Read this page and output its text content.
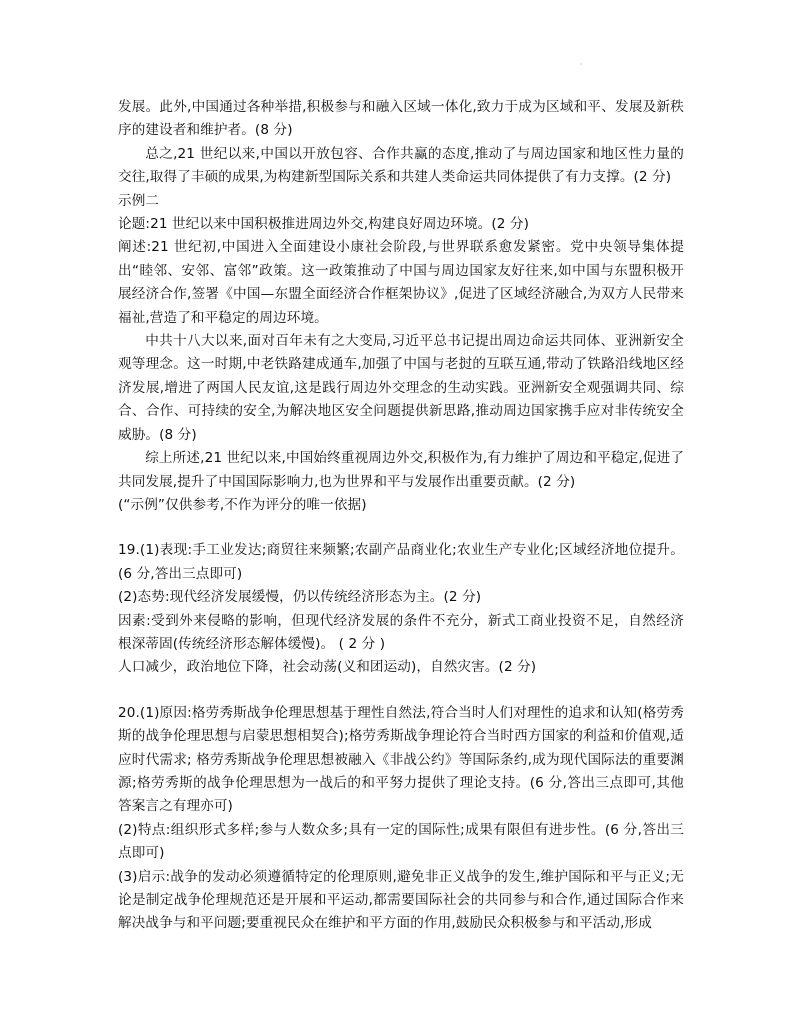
·

发展。此外,中国通过各种举措,积极参与和融入区域一体化,致力于成为区域和平、发展及新秩序的建设者和维护者。(8 分)

总之,21 世纪以来,中国以开放包容、合作共赢的态度,推动了与周边国家和地区性力量的交往,取得了丰硕的成果,为构建新型国际关系和共建人类命运共同体提供了有力支撑。(2 分)

示例二

论题:21 世纪以来中国积极推进周边外交,构建良好周边环境。(2 分)

阐述:21 世纪初,中国进入全面建设小康社会阶段,与世界联系愈发紧密。党中央领导集体提出“睦邻、安邻、富邻”政策。这一政策推动了中国与周边国家友好往来,如中国与东盟积极开展经济合作,签署《中国—东盟全面经济合作框架协议》,促进了区域经济融合,为双方人民带来福祉,营造了和平稳定的周边环境。

中共十八大以来,面对百年未有之大变局,习近平总书记提出周边命运共同体、亚洲新安全观等理念。这一时期,中老铁路建成通车,加强了中国与老挝的互联互通,带动了铁路沿线地区经济发展,增进了两国人民友谊,这是践行周边外交理念的生动实践。亚洲新安全观强调共同、综合、合作、可持续的安全,为解决地区安全问题提供新思路,推动周边国家携手应对非传统安全威胁。(8 分)

综上所述,21 世纪以来,中国始终重视周边外交,积极作为,有力维护了周边和平稳定,促进了共同发展,提升了中国国际影响力,也为世界和平与发展作出重要贡献。(2 分)

(“示例”仅供参考,不作为评分的唯一依据)

19.(1)表现:手工业发达;商贸往来频繁;农副产品商业化;农业生产专业化;区域经济地位提升。(6 分,答出三点即可)

(2)态势:现代经济发展缓慢，仍以传统经济形态为主。(2 分)

因素:受到外来侵略的影响，但现代经济发展的条件不充分，新式工商业投资不足，自然经济根深蒂固(传统经济形态解体缓慢)。 ( 2 分 )

人口减少，政治地位下降，社会动荡(义和团运动)，自然灾害。(2 分)

20.(1)原因:格劳秀斯战争伦理思想基于理性自然法,符合当时人们对理性的追求和认知(格劳秀斯的战争伦理思想与启蒙思想相契合);格劳秀斯战争理论符合当时西方国家的利益和价值观,适应时代需求; 格劳秀斯战争伦理思想被融入《非战公约》等国际条约,成为现代国际法的重要渊源;格劳秀斯的战争伦理思想为一战后的和平努力提供了理论支持。(6 分,答出三点即可,其他答案言之有理亦可)

(2)特点:组织形式多样;参与人数众多;具有一定的国际性;成果有限但有进步性。(6 分,答出三点即可)

(3)启示:战争的发动必须遵循特定的伦理原则,避免非正义战争的发生,维护国际和平与正义;无论是制定战争伦理规范还是开展和平运动,都需要国际社会的共同参与和合作,通过国际合作来解决战争与和平问题;要重视民众在维护和平方面的作用,鼓励民众积极参与和平活动,形成
